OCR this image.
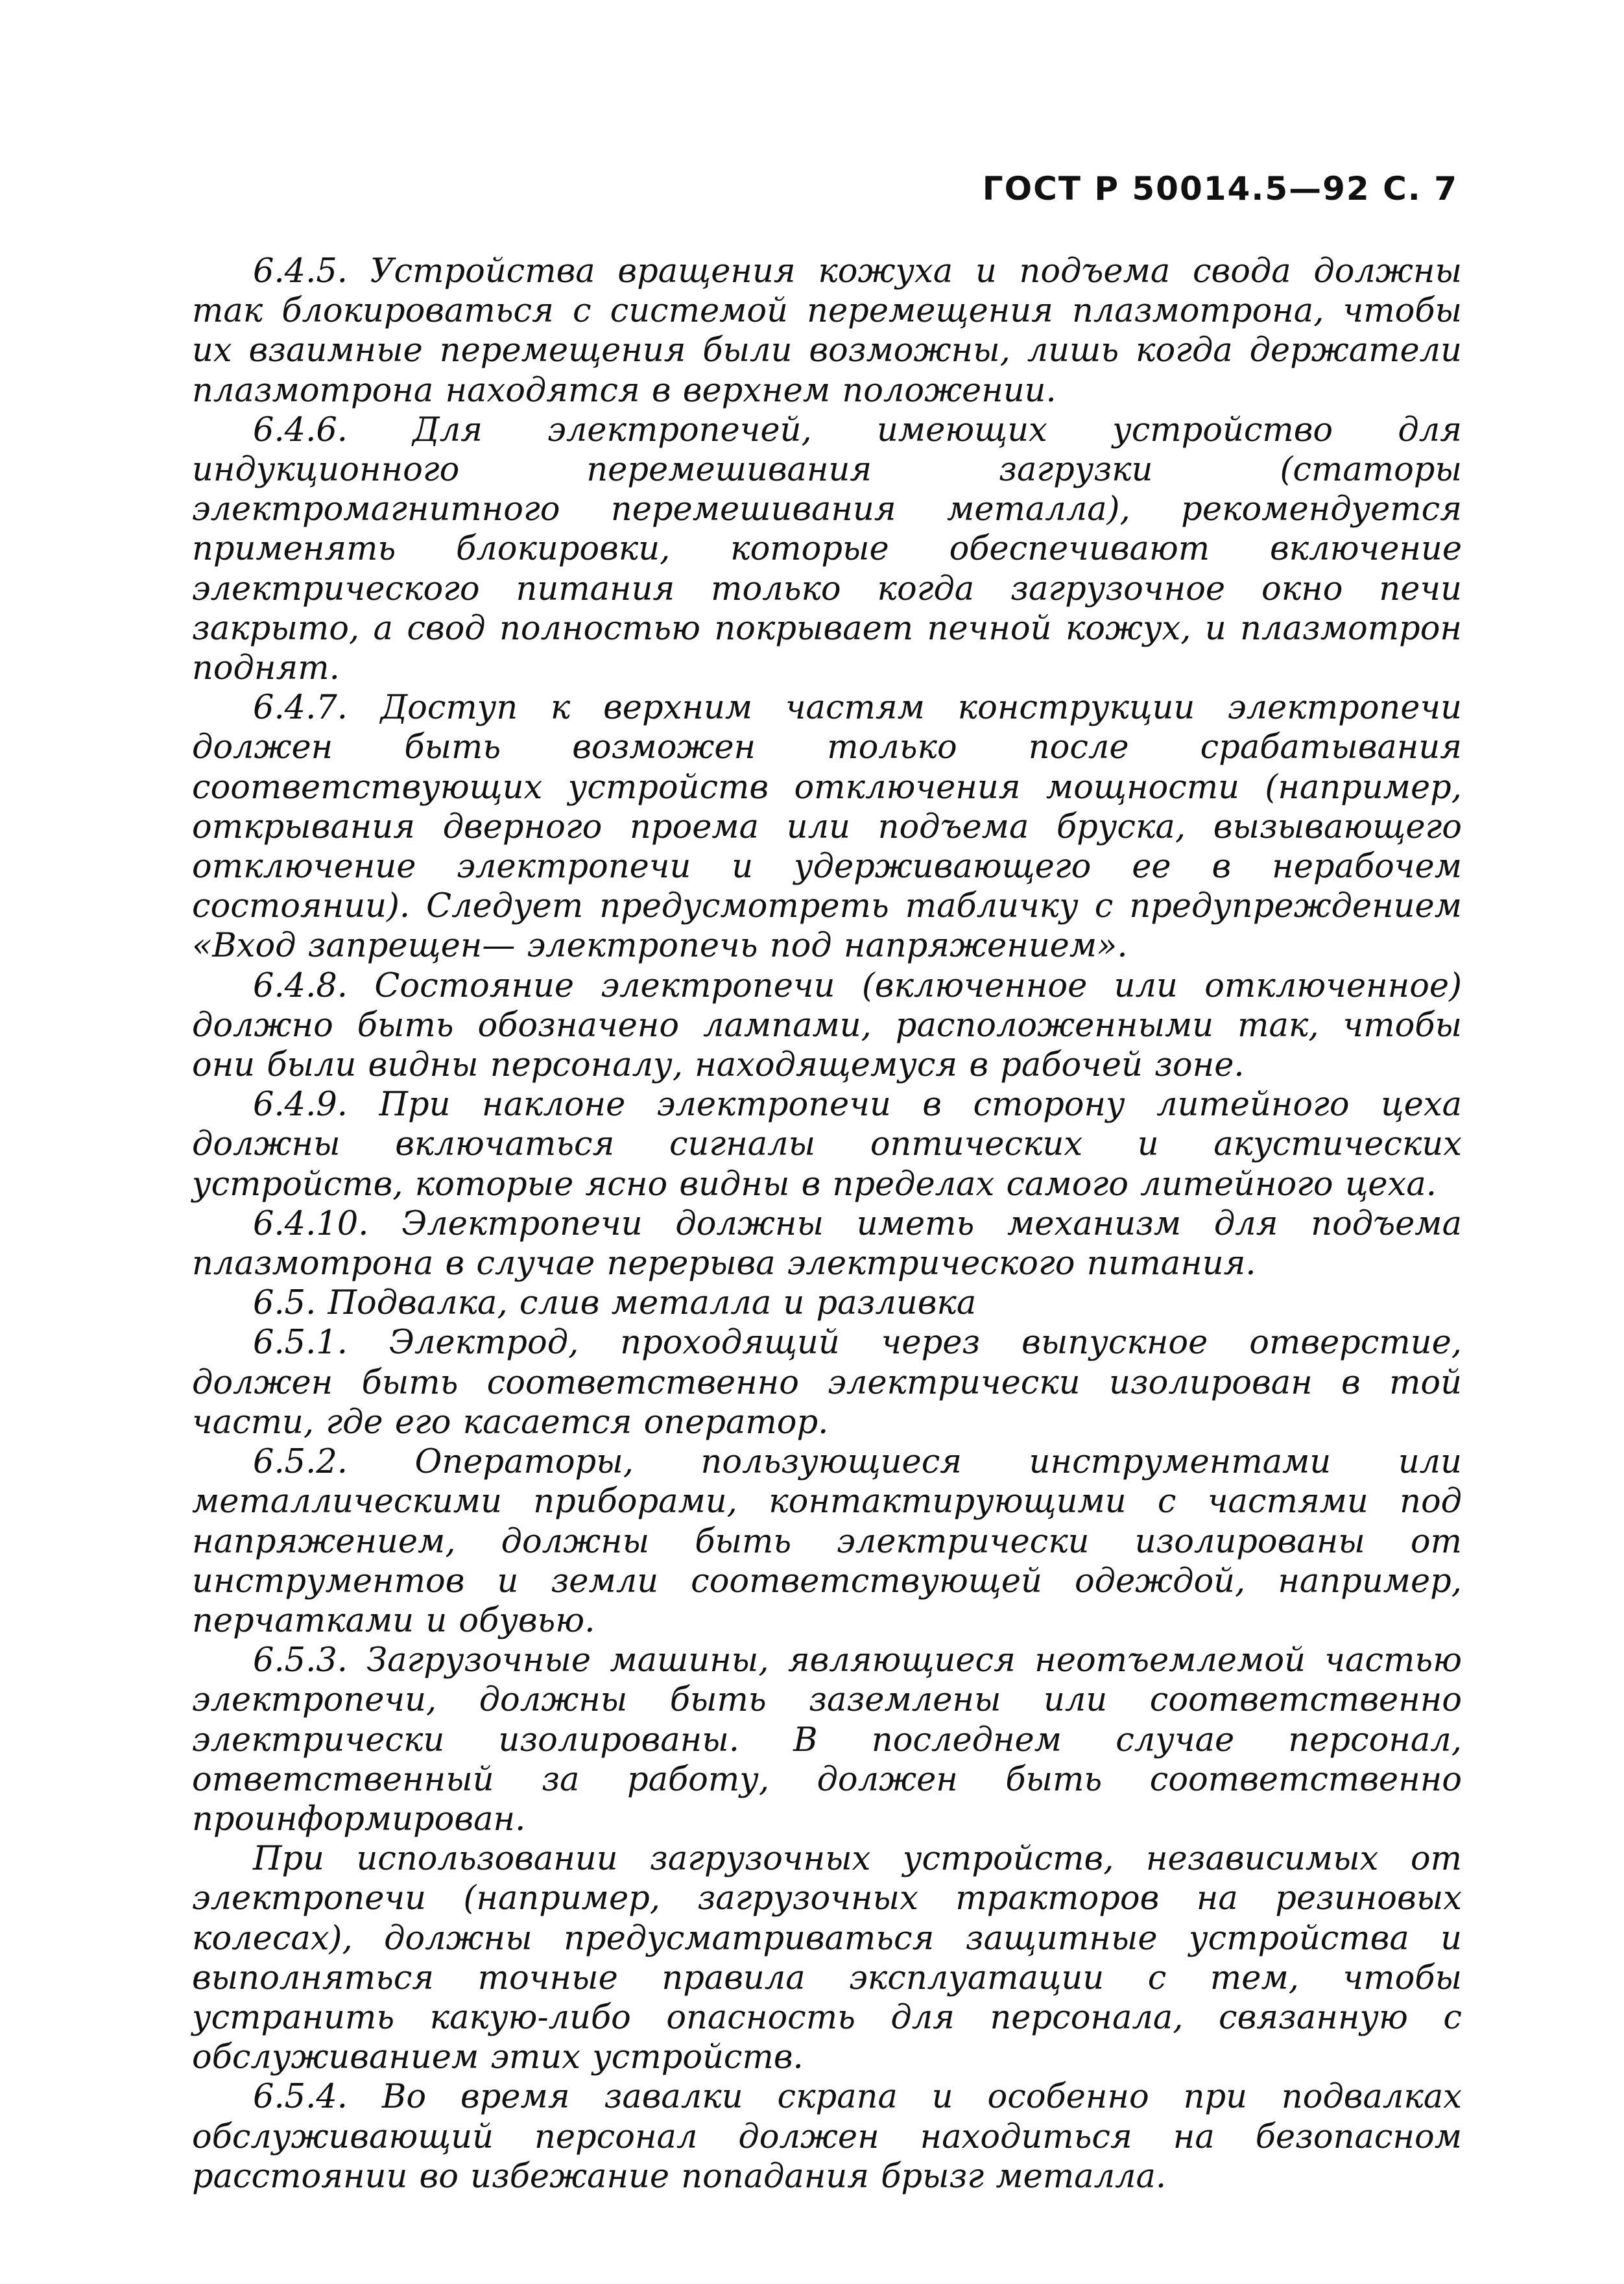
ГОСТ Р 50014.5—92 С. 7

6.4.5. Устройства вращения кожуха и подъема свода должны так блокироваться с системой перемещения плазмотрона, чтобы их взаимные перемещения были возможны, лишь когда держатели плазмотрона находятся в верхнем положении.

6.4.6. Для электропечей, имеющих устройство для индукционного перемешивания загрузки (статоры электромагнитного перемешивания металла), рекомендуется применять блокировки, которые обеспечивают включение электрического питания только когда загрузочное окно печи закрыто, а свод полностью покрывает печной кожух, и плазмотрон поднят.

6.4.7. Доступ к верхним частям конструкции электропечи должен быть возможен только после срабатывания соответствующих устройств отключения мощности (например, открывания дверного проема или подъема бруска, вызывающего отключение электропечи и удерживающего ее в нерабочем состоянии). Следует предусмотреть табличку с предупреждением «Вход запрещен— электропечь под напряжением».

6.4.8. Состояние электропечи (включенное или отключенное) должно быть обозначено лампами, расположенными так, чтобы они были видны персоналу, находящемуся в рабочей зоне.

6.4.9. При наклоне электропечи в сторону литейного цеха должны включаться сигналы оптических и акустических устройств, которые ясно видны в пределах самого литейного цеха.

6.4.10. Электропечи должны иметь механизм для подъема плазмотрона в случае перерыва электрического питания.

6.5. Подвалка, слив металла и разливка

6.5.1. Электрод, проходящий через выпускное отверстие, должен быть соответственно электрически изолирован в той части, где его касается оператор.

6.5.2. Операторы, пользующиеся инструментами или металлическими приборами, контактирующими с частями под напряжением, должны быть электрически изолированы от инструментов и земли соответствующей одеждой, например, перчатками и обувью.

6.5.3. Загрузочные машины, являющиеся неотъемлемой частью электропечи, должны быть заземлены или соответственно электрически изолированы. В последнем случае персонал, ответственный за работу, должен быть соответственно проинформирован.

При использовании загрузочных устройств, независимых от электропечи (например, загрузочных тракторов на резиновых колесах), должны предусматриваться защитные устройства и выполняться точные правила эксплуатации с тем, чтобы устранить какую-либо опасность для персонала, связанную с обслуживанием этих устройств.

6.5.4. Во время завалки скрапа и особенно при подвалках обслуживающий персонал должен находиться на безопасном расстоянии во избежание попадания брызг металла.
